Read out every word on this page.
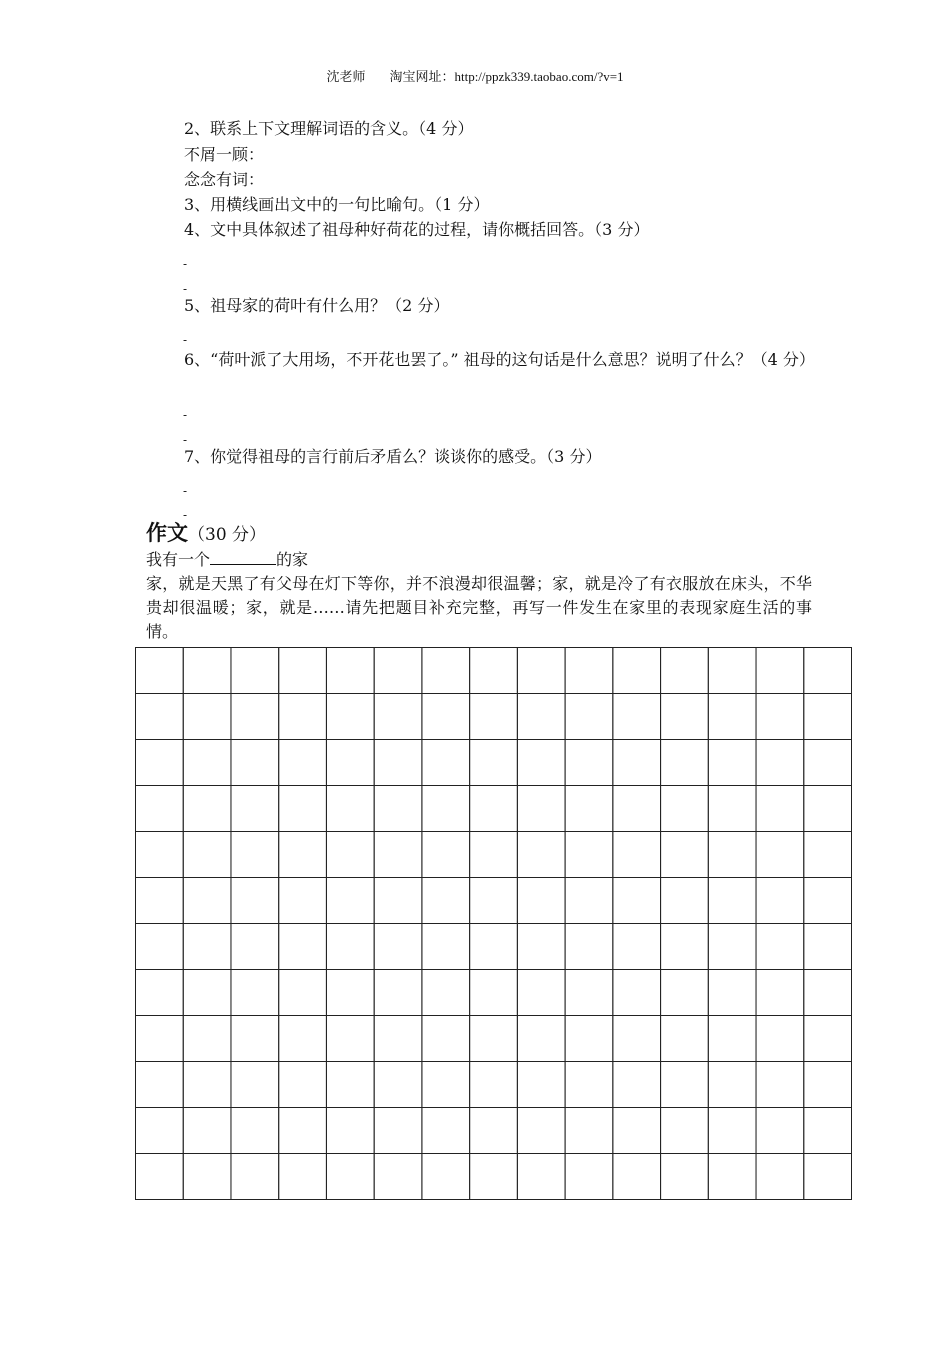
沈老师 淘宝网址：http://ppzk339.taobao.com/?v=1
2、联系上下文理解词语的含义。（4 分）
不屑一顾：
念念有词：
3、用横线画出文中的一句比喻句。（1 分）
4、文中具体叙述了祖母种好荷花的过程，请你概括回答。（3 分）
-
-
5、祖母家的荷叶有什么用？（2 分）
-
6、“荷叶派了大用场，不开花也罢了。” 祖母的这句话是什么意思？说明了什么？（4 分）
-
-
7、你觉得祖母的言行前后矛盾么？谈谈你的感受。（3 分）
-
-
作文（30 分）
我有一个	的家
家，就是天黑了有父母在灯下等你，并不浪漫却很温馨；家，就是冷了有衣服放在床头，不华贵却很温暖；家，就是……请先把题目补充完整，再写一件发生在家里的表现家庭生活的事情。
